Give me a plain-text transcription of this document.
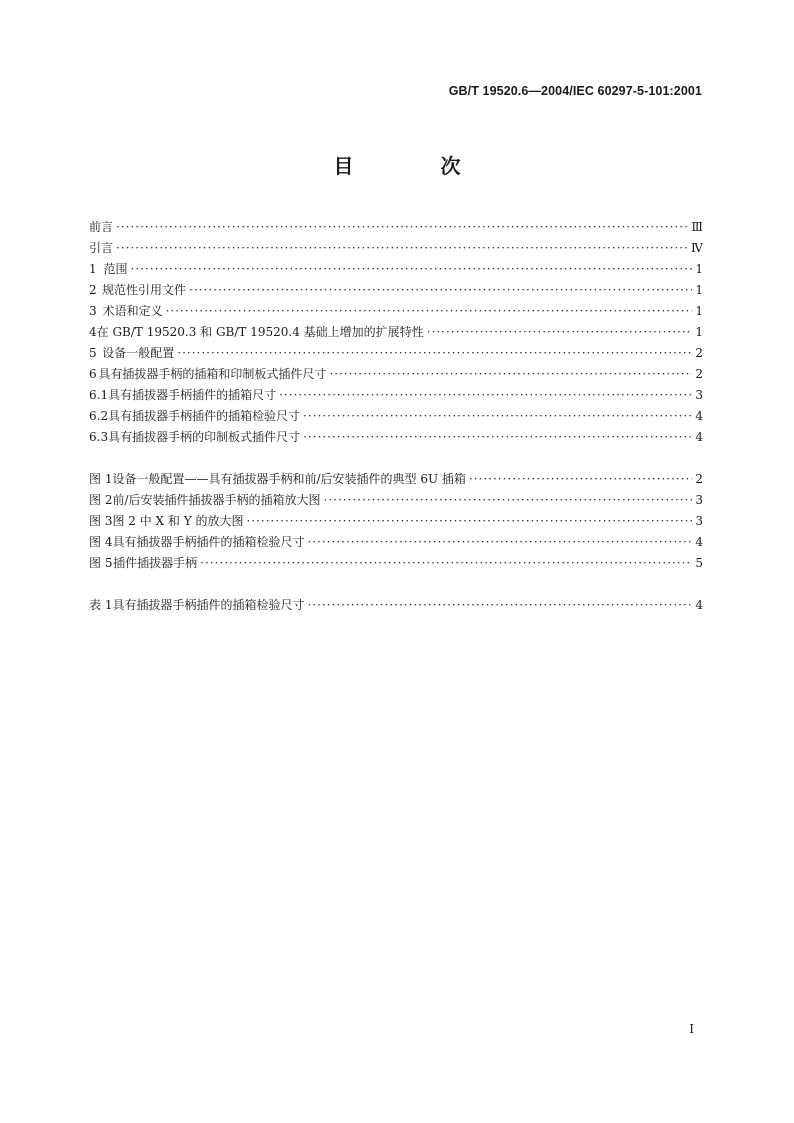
GB/T 19520.6—2004/IEC 60297-5-101:2001
目 次
前言 ·····	Ⅲ
引言 ·····	Ⅳ
1 范围 ·····	1
2 规范性引用文件 ·····	1
3 术语和定义 ·····	1
4 在 GB/T 19520.3 和 GB/T 19520.4 基础上增加的扩展特性 ·····	1
5 设备一般配置 ·····	2
6 具有插拔器手柄的插箱和印制板式插件尺寸 ·····	2
6.1 具有插拔器手柄插件的插箱尺寸 ·····	3
6.2 具有插拔器手柄插件的插箱检验尺寸 ·····	4
6.3 具有插拔器手柄的印制板式插件尺寸 ·····	4
图 1 设备一般配置——具有插拔器手柄和前/后安装插件的典型 6U 插箱 ·····	2
图 2 前/后安装插件插拔器手柄的插箱放大图 ·····	3
图 3 图 2 中 X 和 Y 的放大图 ·····	3
图 4 具有插拔器手柄插件的插箱检验尺寸 ·····	4
图 5 插件插拔器手柄 ·····	5
表 1 具有插拔器手柄插件的插箱检验尺寸 ·····	4
I
